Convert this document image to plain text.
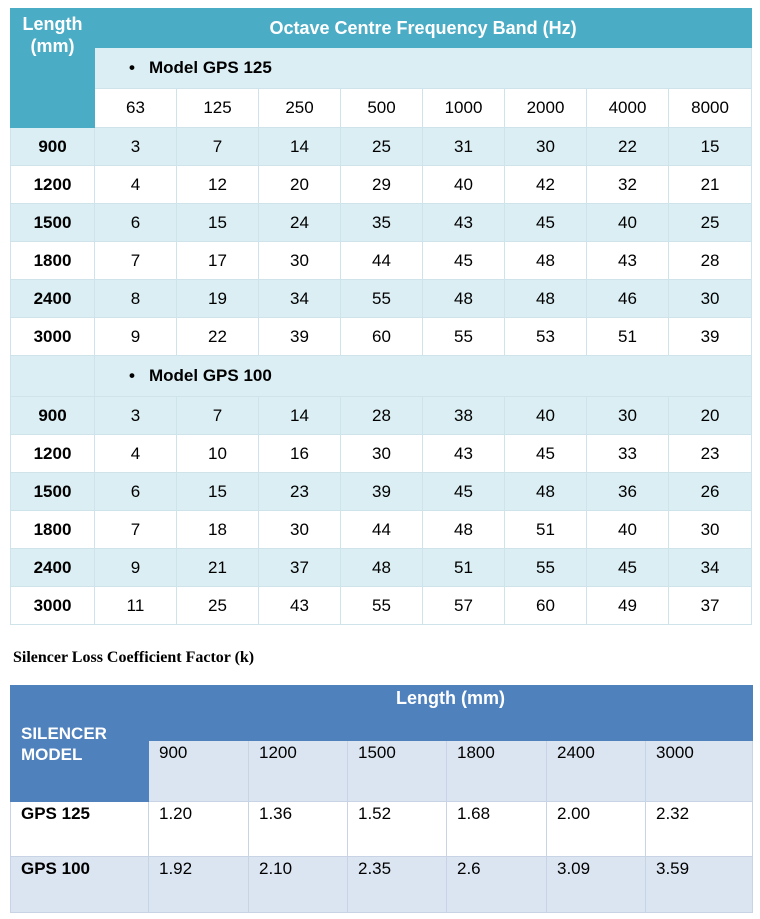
Length
(mm)	Octave Centre Frequency Band (Hz)							
	• Model GPS 125							
	63	125	250	500	1000	2000	4000	8000
900	3	7	14	25	31	30	22	15
1200	4	12	20	29	40	42	32	21
1500	6	15	24	35	43	45	40	25
1800	7	17	30	44	45	48	43	28
2400	8	19	34	55	48	48	46	30
3000	9	22	39	60	55	53	51	39
	• Model GPS 100							
900	3	7	14	28	38	40	30	20
1200	4	10	16	30	43	45	33	23
1500	6	15	23	39	45	48	36	26
1800	7	18	30	44	48	51	40	30
2400	9	21	37	48	51	55	45	34
3000	11	25	43	55	57	60	49	37
Silencer Loss Coefficient Factor (k)
SILENCER
MODEL	Length (mm)					
	900	1200	1500	1800	2400	3000
GPS 125	1.20	1.36	1.52	1.68	2.00	2.32
GPS 100	1.92	2.10	2.35	2.6	3.09	3.59
